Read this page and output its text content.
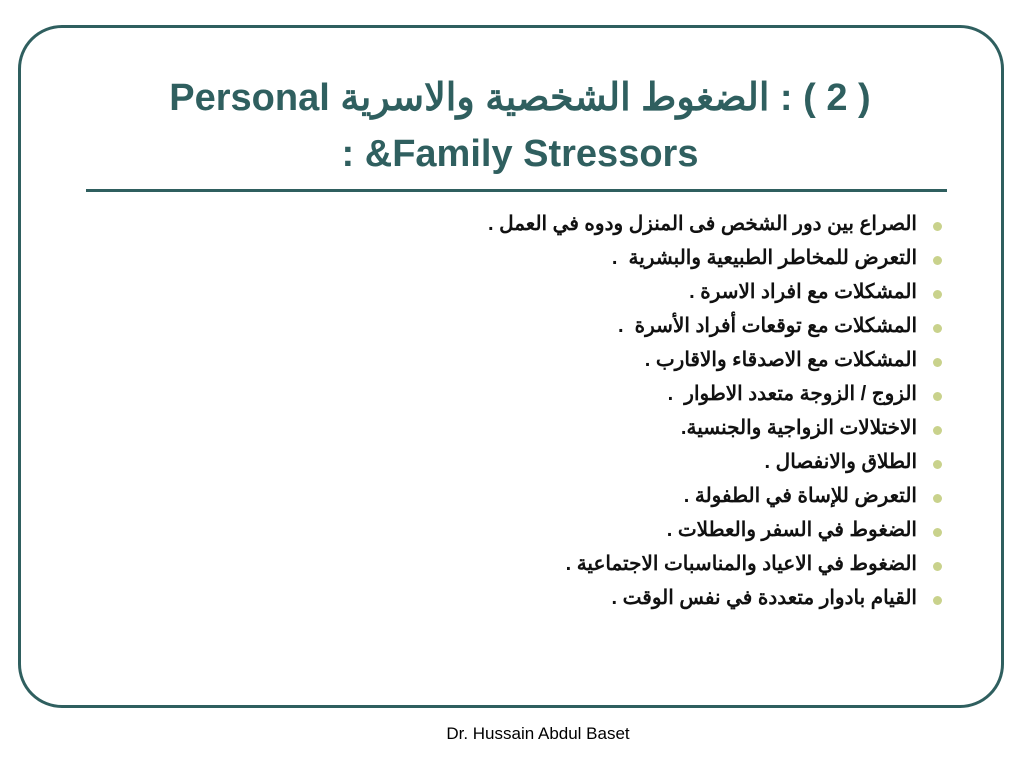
( 2 ) : الضغوط الشخصية والاسرية Personal &Family Stressors :
الصراع بين دور الشخص فى المنزل ودوه في العمل .
التعرض للمخاطر الطبيعية والبشرية  .
المشكلات مع افراد الاسرة .
المشكلات مع توقعات أفراد الأسرة  .
المشكلات مع الاصدقاء والاقارب .
الزوج / الزوجة متعدد الاطوار  .
الاختلالات الزواجية والجنسية.
الطلاق والانفصال .
التعرض للإساة في الطفولة .
الضغوط في السفر والعطلات .
الضغوط في الاعياد والمناسبات الاجتماعية .
القيام بادوار متعددة في نفس الوقت .
Dr. Hussain Abdul Baset
